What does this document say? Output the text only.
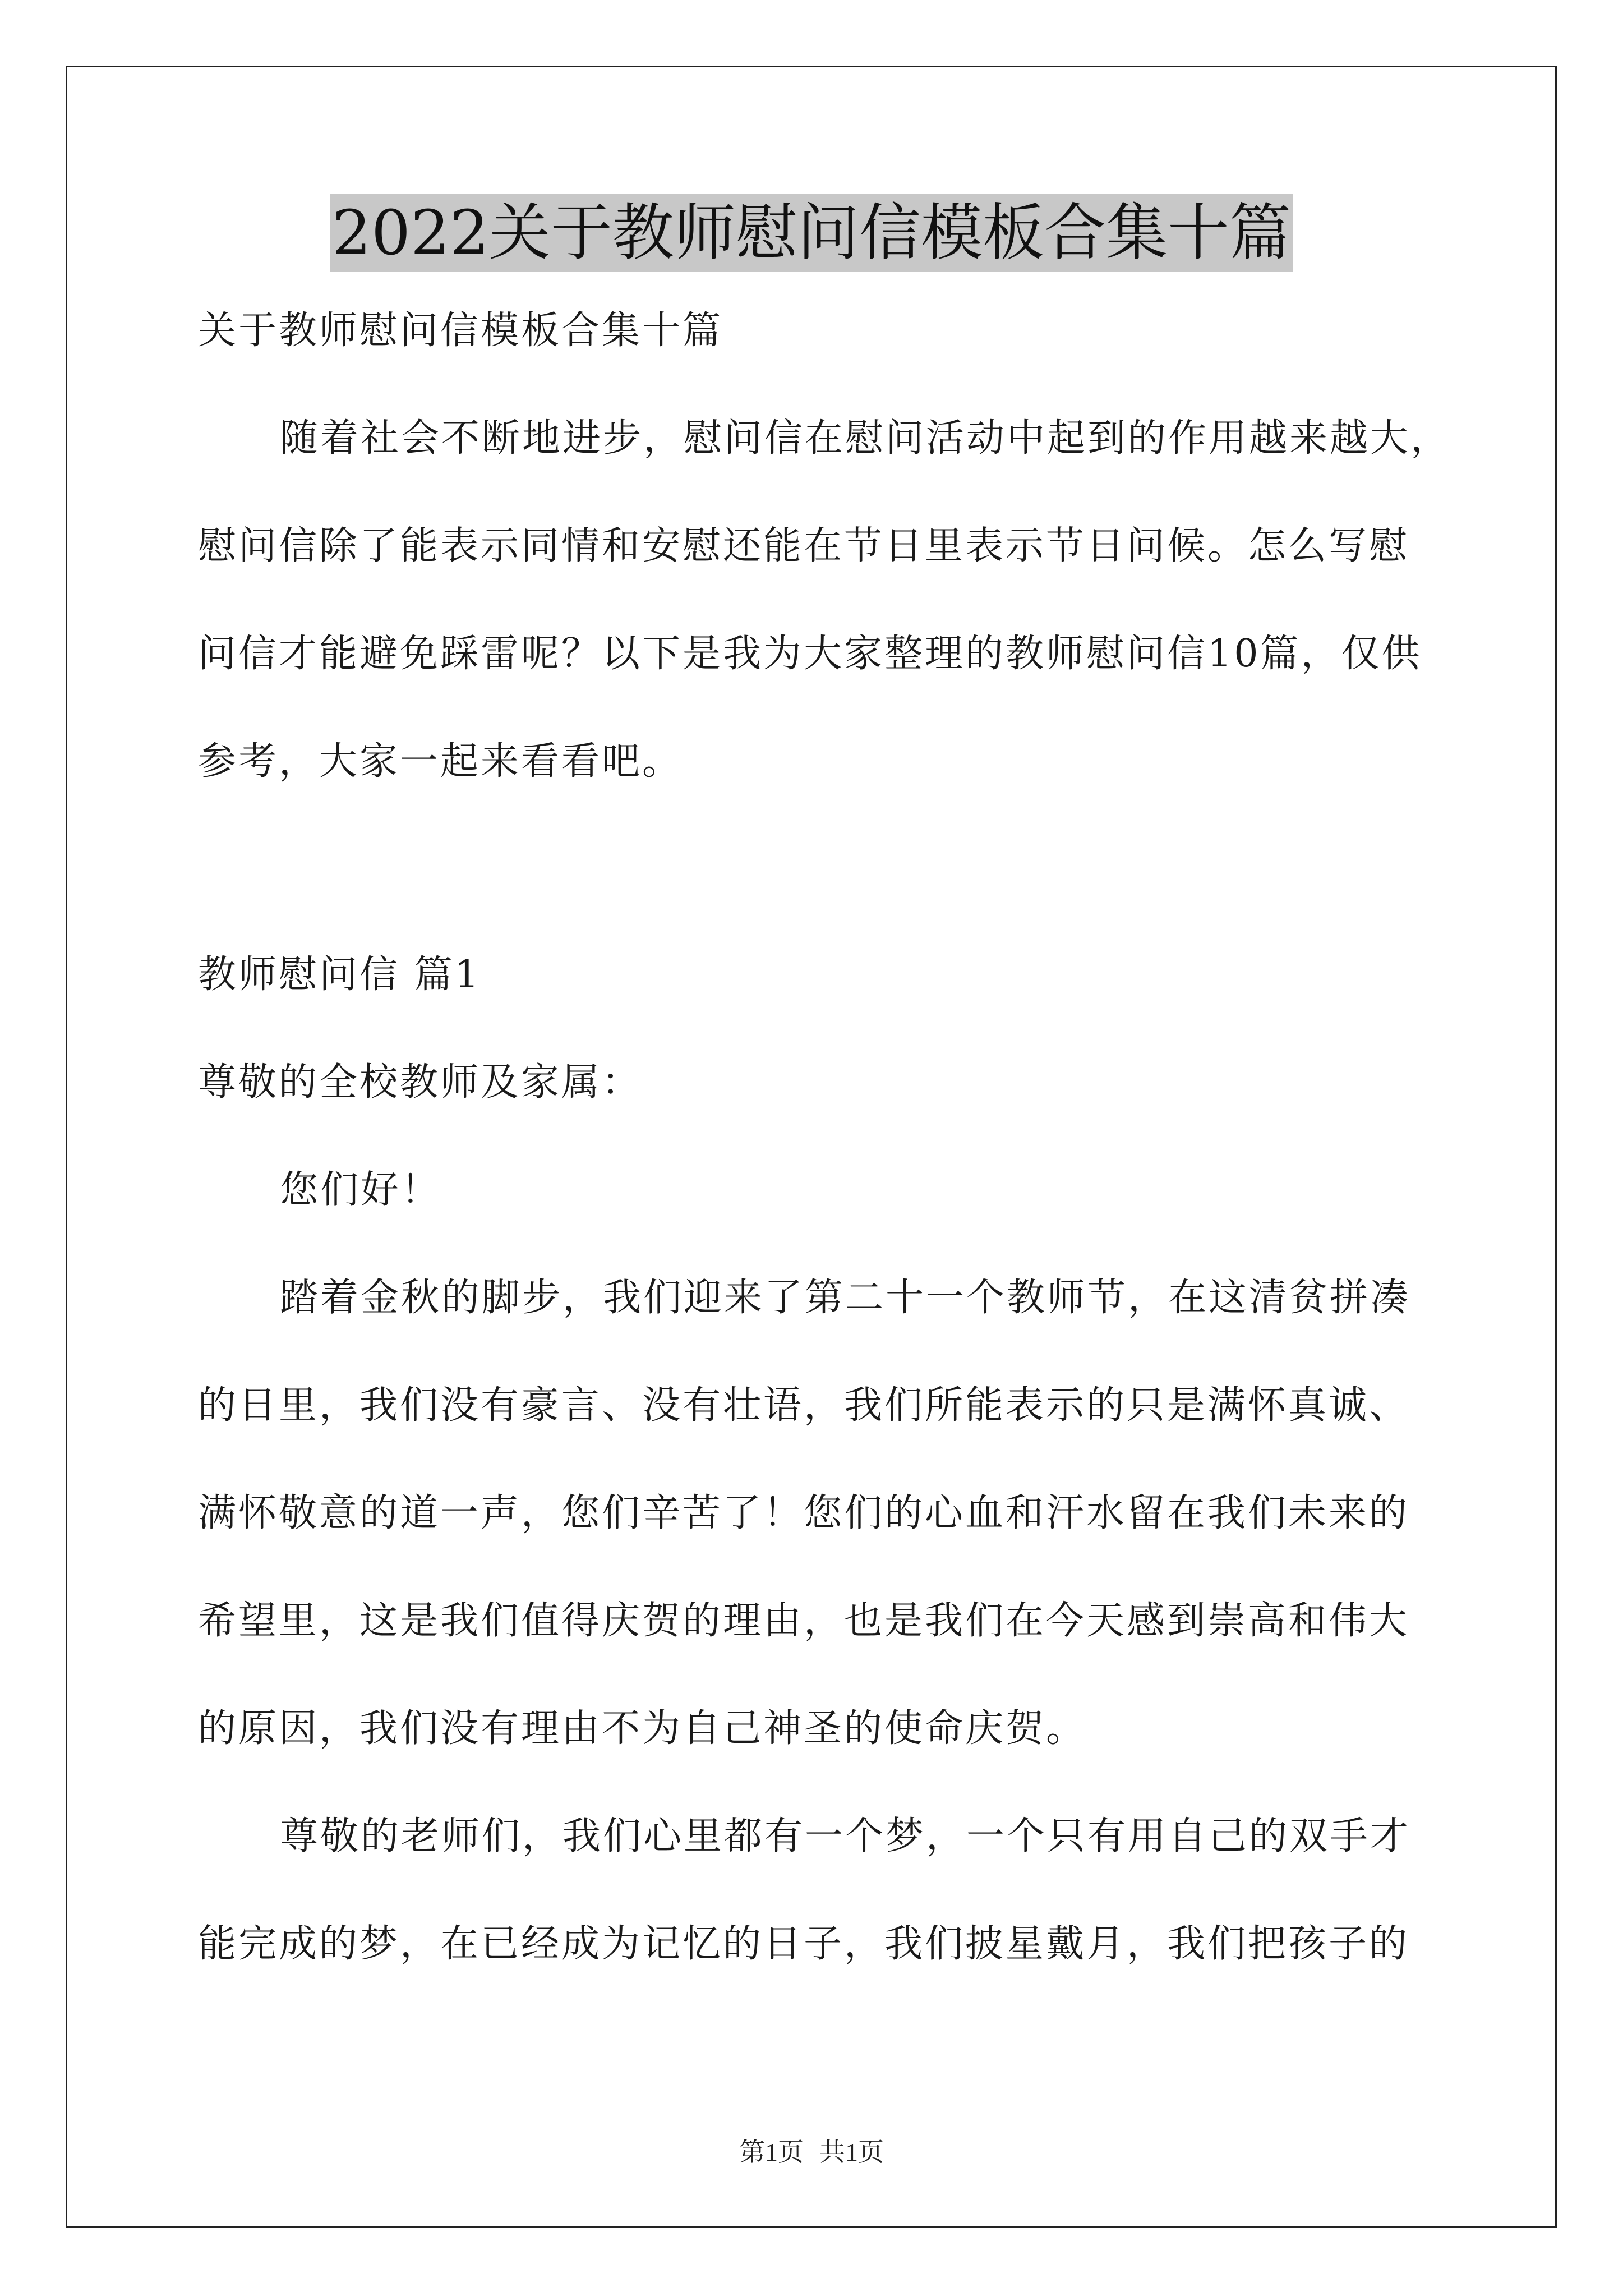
2022关于教师慰问信模板合集十篇

关于教师慰问信模板合集十篇

随着社会不断地进步，慰问信在慰问活动中起到的作用越来越大，

慰问信除了能表示同情和安慰还能在节日里表示节日问候。怎么写慰

问信才能避免踩雷呢？以下是我为大家整理的教师慰问信10篇，仅供

参考，大家一起来看看吧。

教师慰问信 篇1

尊敬的全校教师及家属：

您们好！

踏着金秋的脚步，我们迎来了第二十一个教师节，在这清贫拼凑

的日里，我们没有豪言、没有壮语，我们所能表示的只是满怀真诚、

满怀敬意的道一声，您们辛苦了！您们的心血和汗水留在我们未来的

希望里，这是我们值得庆贺的理由，也是我们在今天感到崇高和伟大

的原因，我们没有理由不为自己神圣的使命庆贺。

尊敬的老师们，我们心里都有一个梦，一个只有用自己的双手才

能完成的梦，在已经成为记忆的日子，我们披星戴月，我们把孩子的

第1页 共1页
